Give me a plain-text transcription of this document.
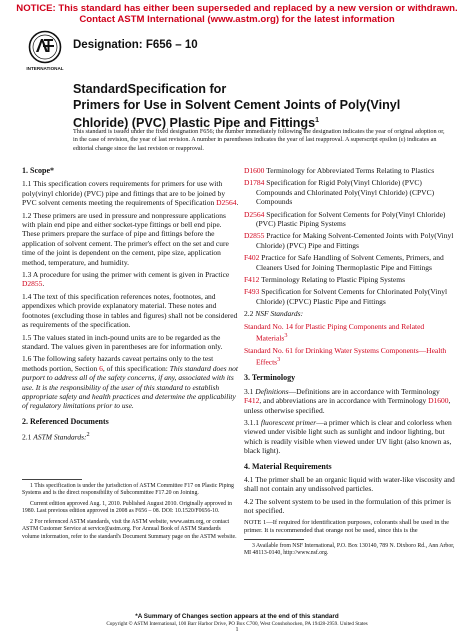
NOTICE: This standard has either been superseded and replaced by a new version or withdrawn.
Contact ASTM International (www.astm.org) for the latest information
INTERNATIONAL
Designation: F656 – 10
StandardSpecification for
Primers for Use in Solvent Cement Joints of Poly(Vinyl
Chloride) (PVC) Plastic Pipe and Fittings$^1$
This standard is issued under the fixed designation F656; the number immediately following the designation indicates the year of original adoption or, in the case of revision, the year of last revision. A number in parentheses indicates the year of last reapproval. A superscript epsilon (ε) indicates an editorial change since the last revision or reapproval.
1. Scope*

1.1 This specification covers requirements for primers for use with poly(vinyl chloride) (PVC) pipe and fittings that are to be joined by PVC solvent cements meeting the requirements of Specification D2564.

1.2 These primers are used in pressure and nonpressure applications with plain end pipe and either socket-type fittings or bell end pipe. These primers prepare the surface of pipe and fittings before the application of solvent cement. The primer's effect on the set and cure time of the joint is dependent on the cement, pipe size, application method, temperature, and humidity.

1.3 A procedure for using the primer with cement is given in Practice D2855.

1.4 The text of this specification references notes, footnotes, and appendixes which provide explanatory material. These notes and footnotes (excluding those in tables and figures) shall not be considered as requirements of the specification.

1.5 The values stated in inch-pound units are to be regarded as the standard. The values given in parentheses are for information only.

1.6 The following safety hazards caveat pertains only to the test methods portion, Section 6, of this specification: This standard does not purport to address all of the safety concerns, if any, associated with its use. It is the responsibility of the user of this standard to establish appropriate safety and health practices and determine the applicability of regulatory limitations prior to use.

2. Referenced Documents

2.1 ASTM Standards:$^2$

1 This specification is under the jurisdiction of ASTM Committee F17 on Plastic Piping Systems and is the direct responsibility of Subcommittee F17.20 on Joining.

Current edition approved Aug. 1, 2010. Published August 2010. Originally approved in 1980. Last previous edition approved in 2008 as F656 – 08. DOI: 10.1520/F0656-10.

2 For referenced ASTM standards, visit the ASTM website, www.astm.org, or contact ASTM Customer Service at service@astm.org. For Annual Book of ASTM Standards volume information, refer to the standard's Document Summary page on the ASTM website.

D1600 Terminology for Abbreviated Terms Relating to Plastics

D1784 Specification for Rigid Poly(Vinyl Chloride) (PVC) Compounds and Chlorinated Poly(Vinyl Chloride) (CPVC) Compounds

D2564 Specification for Solvent Cements for Poly(Vinyl Chloride) (PVC) Plastic Piping Systems

D2855 Practice for Making Solvent-Cemented Joints with Poly(Vinyl Chloride) (PVC) Pipe and Fittings

F402 Practice for Safe Handling of Solvent Cements, Primers, and Cleaners Used for Joining Thermoplastic Pipe and Fittings

F412 Terminology Relating to Plastic Piping Systems

F493 Specification for Solvent Cements for Chlorinated Poly(Vinyl Chloride) (CPVC) Plastic Pipe and Fittings

2.2 NSF Standards:

Standard No. 14 for Plastic Piping Components and Related Materials$^3$

Standard No. 61 for Drinking Water Systems Components—Health Effects$^3$

3. Terminology

3.1 Definitions—Definitions are in accordance with Terminology F412, and abbreviations are in accordance with Terminology D1600, unless otherwise specified.

3.1.1 fluorescent primer—a primer which is clear and colorless when viewed under visible light such as sunlight and indoor lighting, but which is readily visible when viewed under UV light (also known as, black light).

4. Material Requirements

4.1 The primer shall be an organic liquid with water-like viscosity and shall not contain any undissolved particles.

4.2 The solvent system to be used in the formulation of this primer is not specified.

NOTE 1—If required for identification purposes, colorants shall be used in the primer. It is recommended that orange not be used, since this is the

3 Available from NSF International, P.O. Box 130140, 789 N. Dixboro Rd., Ann Arbor, MI 48113-0140, http://www.nsf.org.

*A Summary of Changes section appears at the end of this standard
Copyright © ASTM International, 100 Barr Harbor Drive, PO Box C700, West Conshohocken, PA 19428-2959. United States
1
